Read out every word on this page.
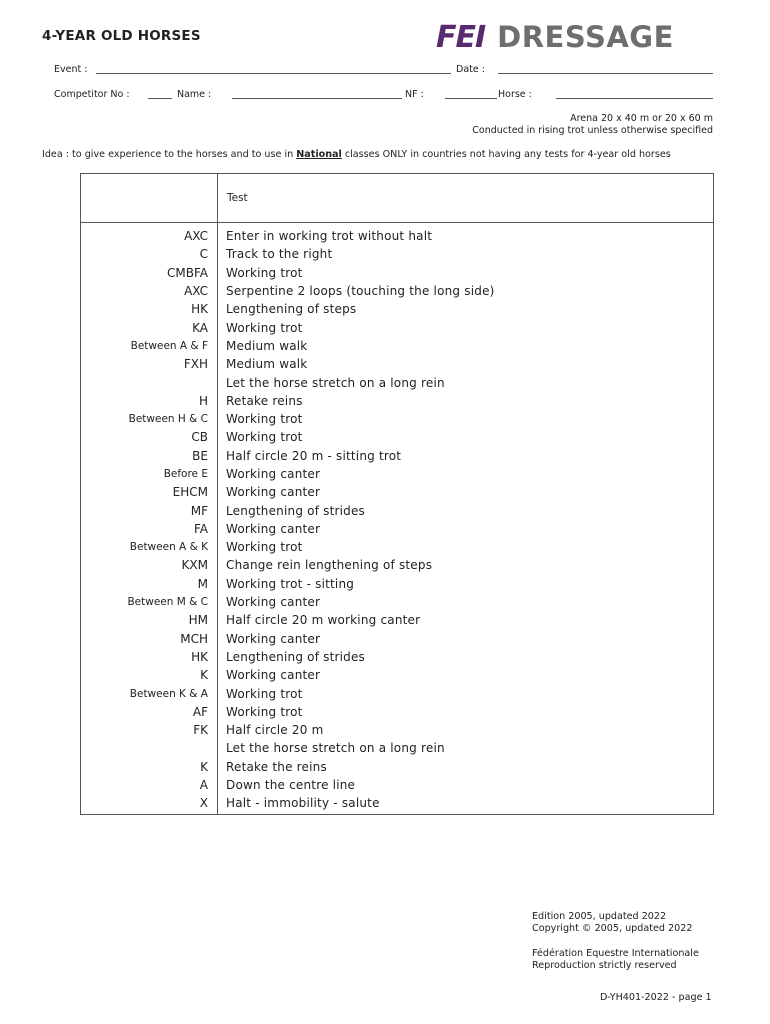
4-YEAR OLD HORSES	FEI DRESSAGE
Event :	Date :
Competitor No :	Name :	NF :	Horse :
Arena 20 x 40 m or 20 x 60 m
Conducted in rising trot unless otherwise specified
Idea : to give experience to the horses and to use in National classes ONLY in countries not having any tests for 4-year old horses
Test
AXC Enter in working trot without halt
C Track to the right
CMBFA Working trot
AXC Serpentine 2 loops (touching the long side)
HK Lengthening of steps
KA Working trot
Between A & F Medium walk
FXH Medium walk
Let the horse stretch on a long rein
H Retake reins
Between H & C Working trot
CB Working trot
BE Half circle 20 m - sitting trot
Before E Working canter
EHCM Working canter
MF Lengthening of strides
FA Working canter
Between A & K Working trot
KXM Change rein lengthening of steps
M Working trot - sitting
Between M & C Working canter
HM Half circle 20 m working canter
MCH Working canter
HK Lengthening of strides
K Working canter
Between K & A Working trot
AF Working trot
FK Half circle 20 m
Let the horse stretch on a long rein
K Retake the reins
A Down the centre line
X Halt - immobility - salute
Edition 2005, updated 2022
Copyright © 2005, updated 2022
Fédération Equestre Internationale
Reproduction strictly reserved
D-YH401-2022 - page 1
